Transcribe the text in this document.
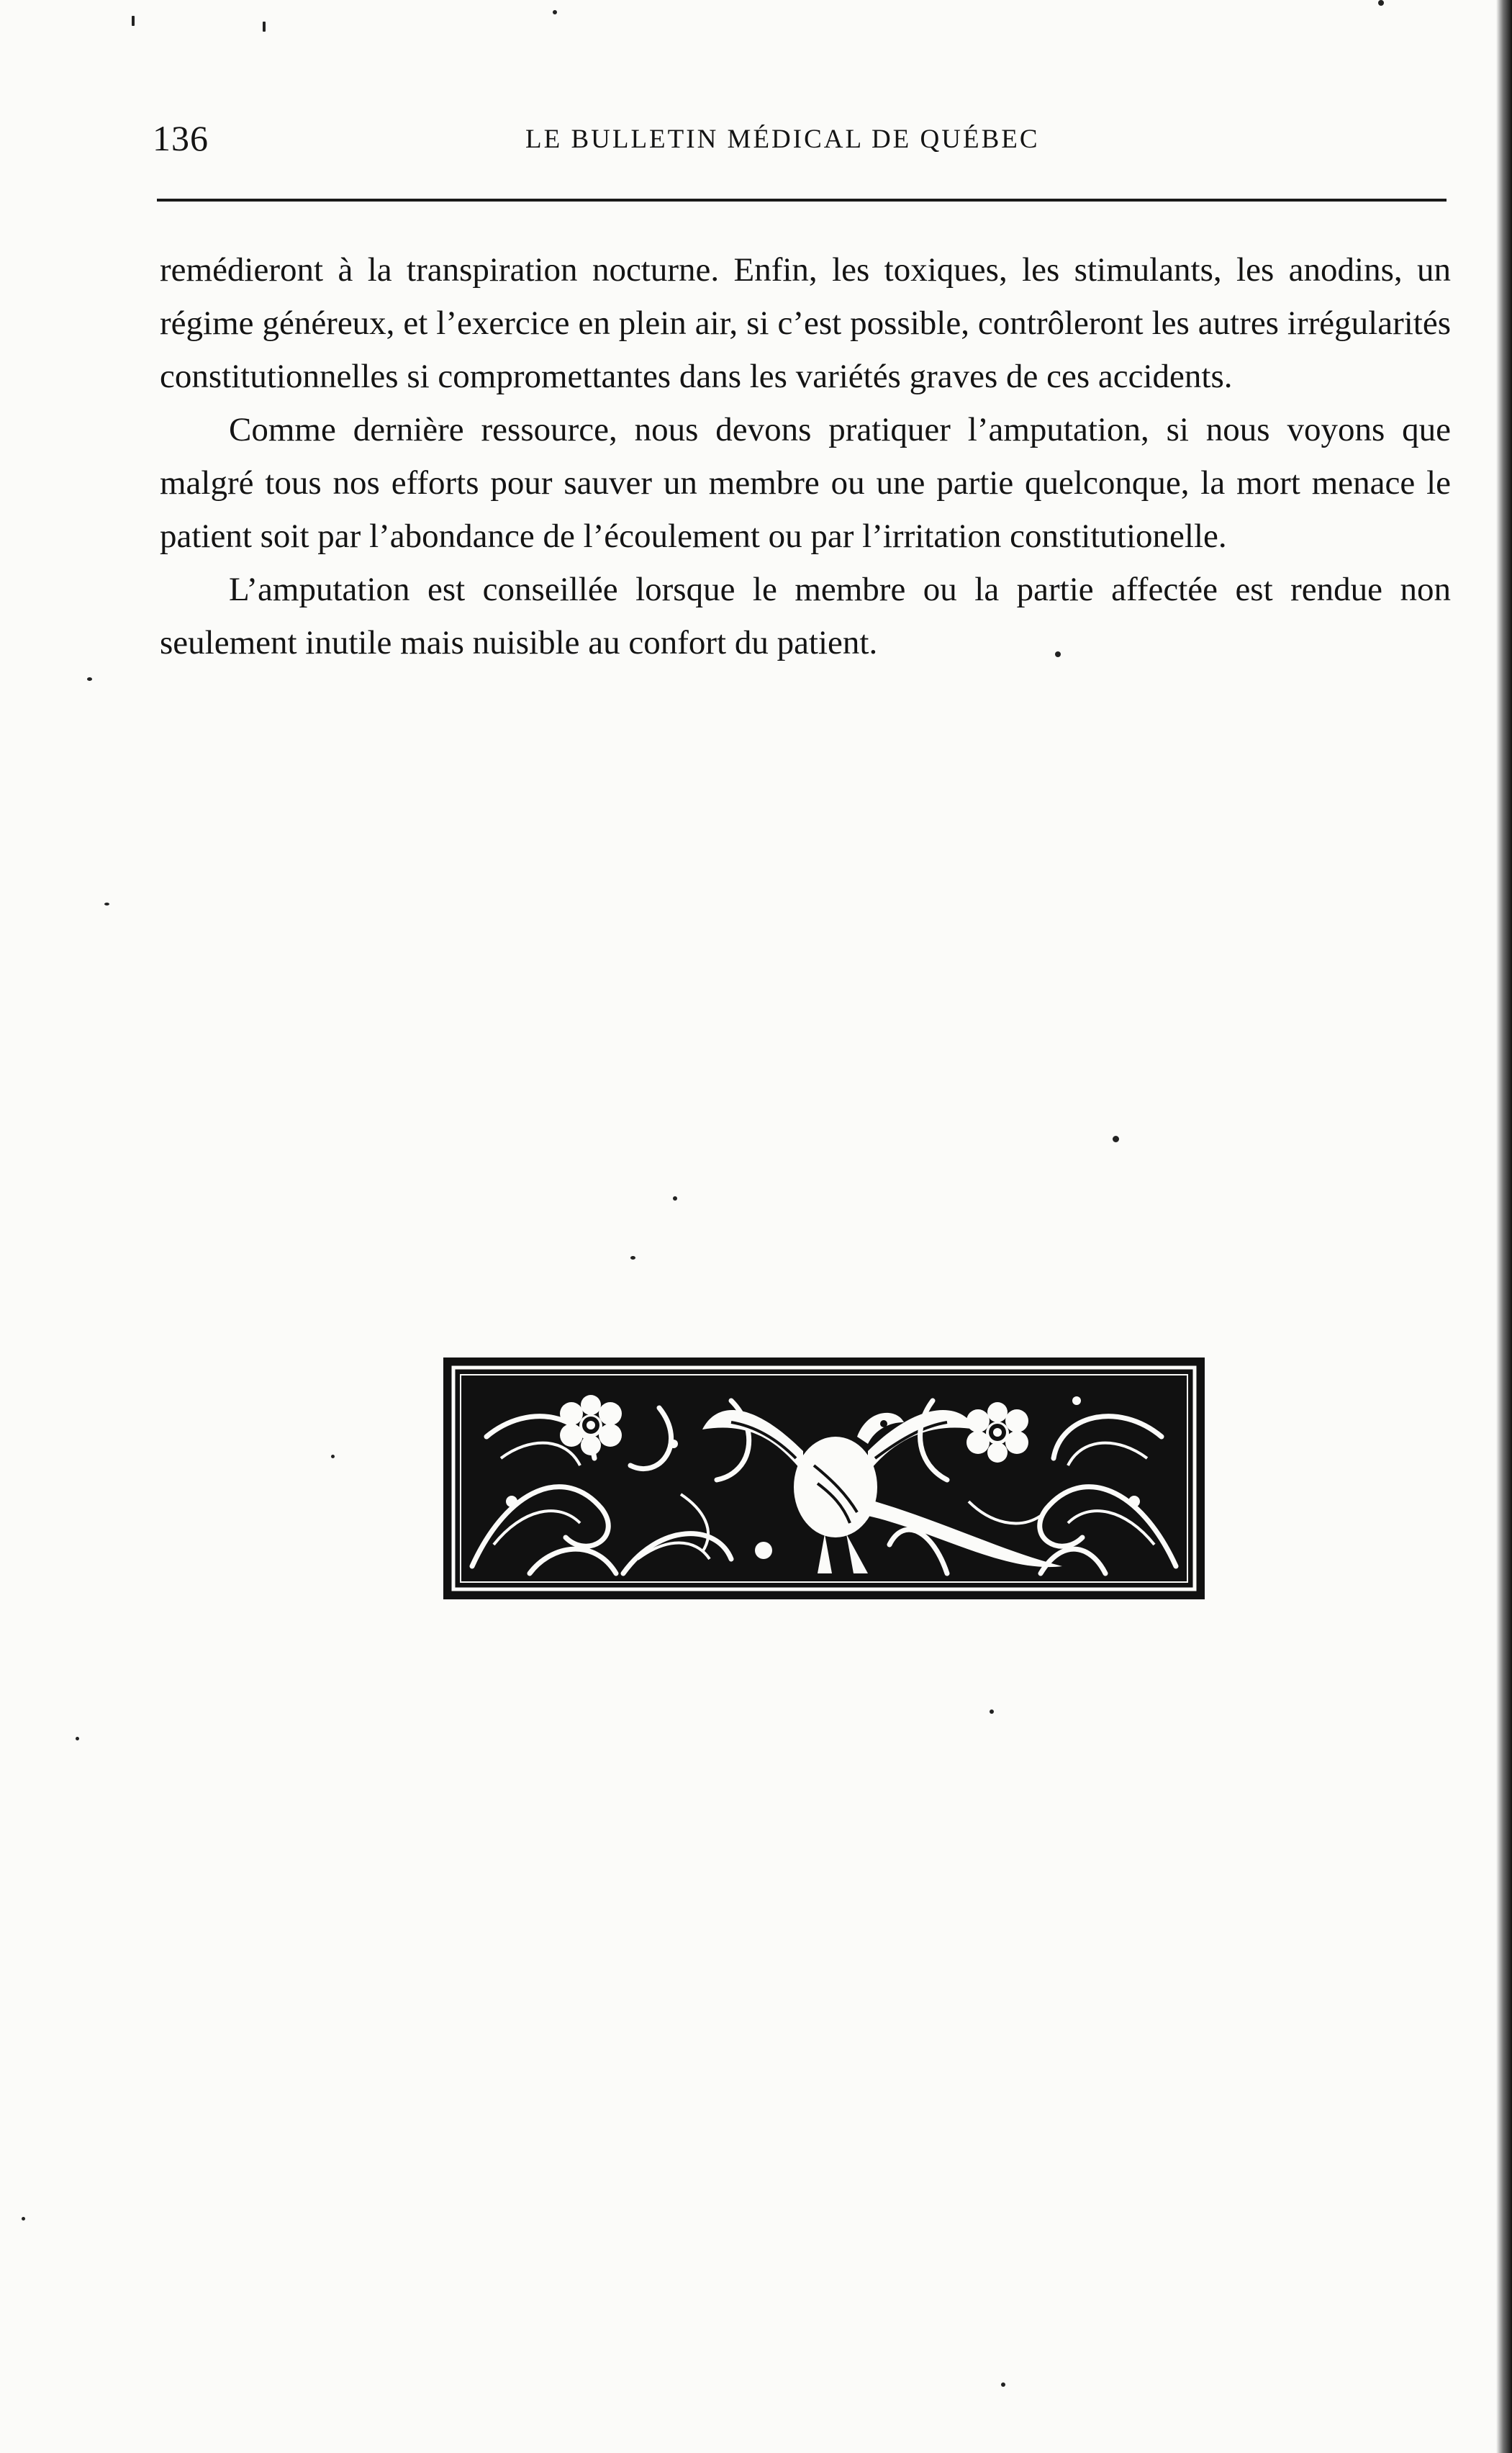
136	LE BULLETIN MÉDICAL DE QUÉBEC

remédieront à la transpiration nocturne. Enfin, les toxiques, les stimulants, les anodins, un régime généreux, et l’exercice en plein air, si c’est possible, contrôleront les autres irrégularités constitutionnelles si compromettantes dans les variétés graves de ces accidents.

Comme dernière ressource, nous devons pratiquer l’amputation, si nous voyons que malgré tous nos efforts pour sauver un membre ou une partie quelconque, la mort menace le patient soit par l’abondance de l’écoulement ou par l’irritation constitutionelle.

L’amputation est conseillée lorsque le membre ou la partie affectée est rendue non seulement inutile mais nuisible au confort du patient.
